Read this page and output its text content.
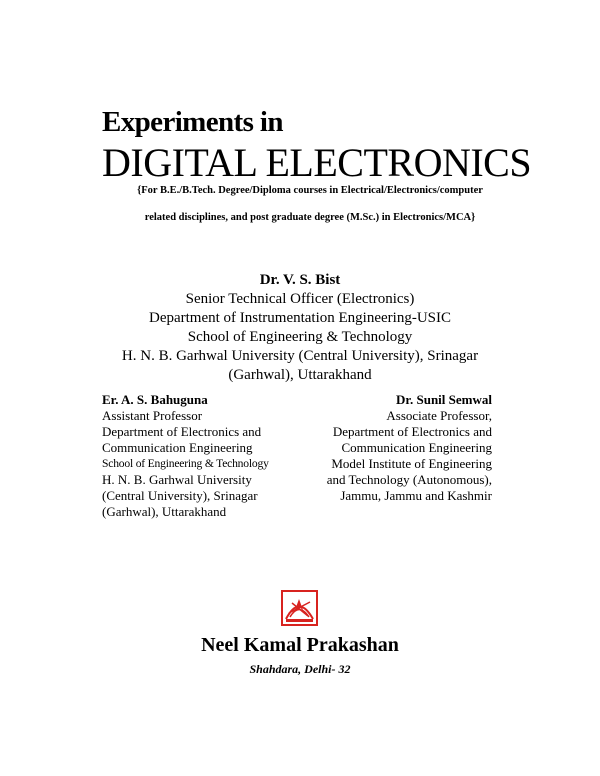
Experiments in
DIGITAL ELECTRONICS
{For B.E./B.Tech. Degree/Diploma courses in Electrical/Electronics/computer
related disciplines, and post graduate degree (M.Sc.) in Electronics/MCA}
Dr. V. S. Bist
Senior Technical Officer (Electronics)
Department of Instrumentation Engineering-USIC
School of Engineering & Technology
H. N. B. Garhwal University (Central University), Srinagar
(Garhwal), Uttarakhand
Er. A. S. Bahuguna
Assistant Professor
Department of Electronics and
Communication Engineering
School of Engineering & Technology
H. N. B. Garhwal University
(Central University), Srinagar
(Garhwal), Uttarakhand
Dr. Sunil Semwal
Associate Professor,
Department of Electronics and
Communication Engineering
Model Institute of Engineering
and Technology (Autonomous),
Jammu, Jammu and Kashmir
Neel Kamal Prakashan
Shahdara, Delhi- 32
